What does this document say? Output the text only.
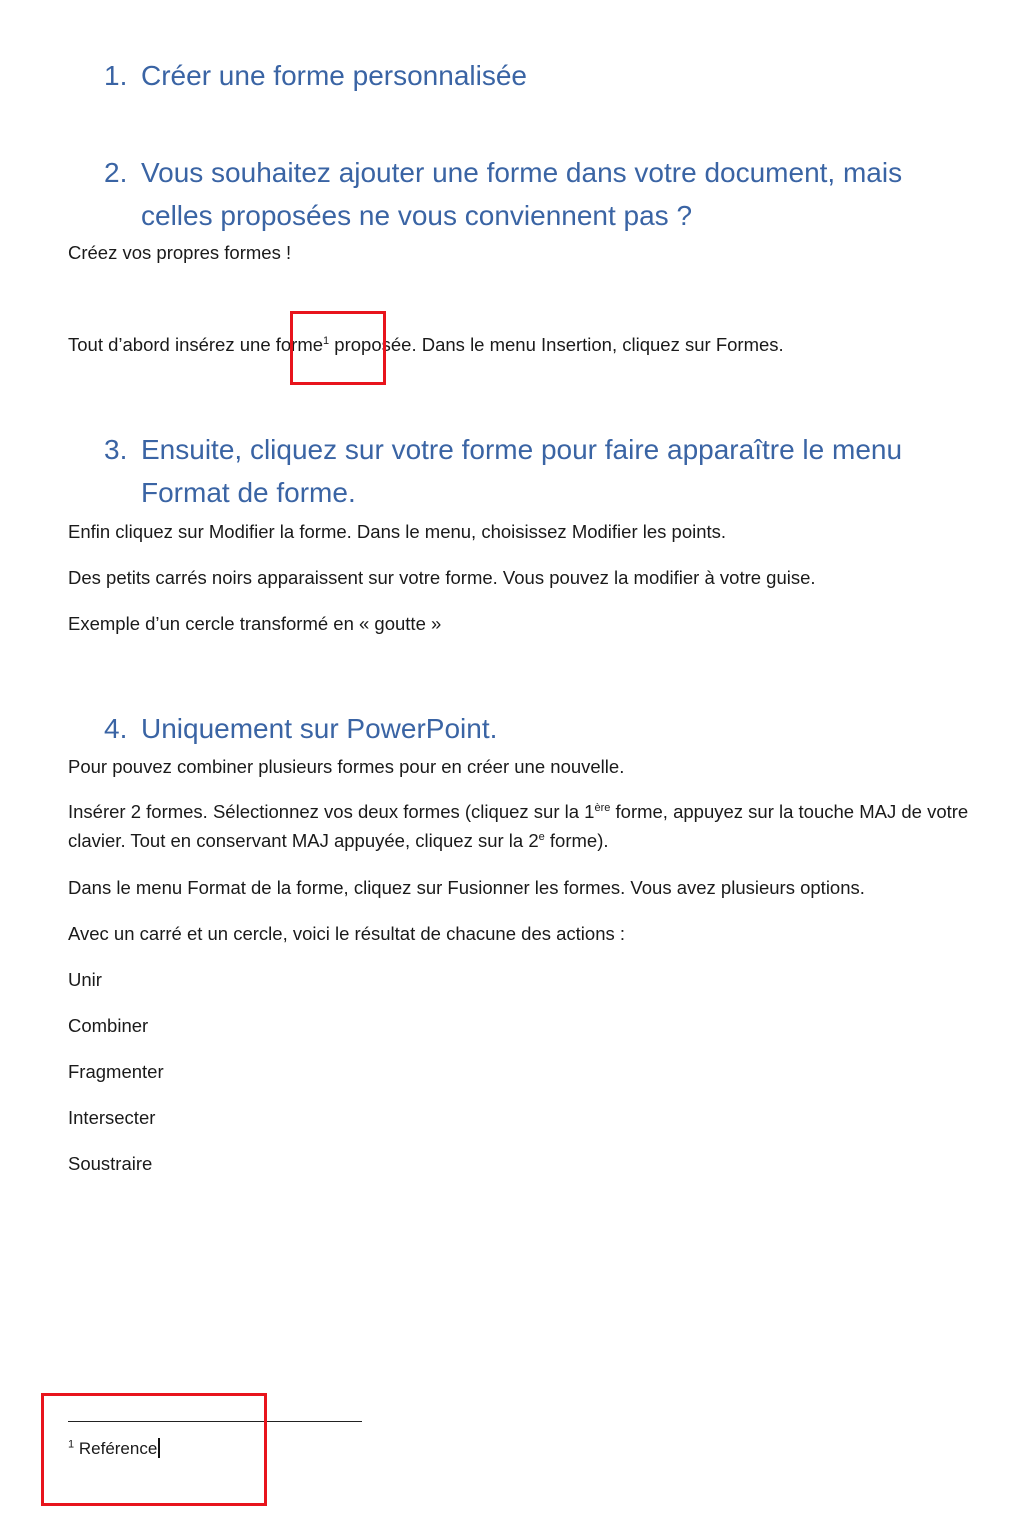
1. Créer une forme personnalisée
2. Vous souhaitez ajouter une forme dans votre document, mais celles proposées ne vous conviennent pas ?
Créez vos propres formes !
Tout d’abord insérez une forme$^1$ proposée. Dans le menu Insertion, cliquez sur Formes.
3. Ensuite, cliquez sur votre forme pour faire apparaître le menu Format de forme.
Enfin cliquez sur Modifier la forme. Dans le menu, choisissez Modifier les points.
Des petits carrés noirs apparaissent sur votre forme. Vous pouvez la modifier à votre guise.
Exemple d’un cercle transformé en « goutte »
4. Uniquement sur PowerPoint.
Pour pouvez combiner plusieurs formes pour en créer une nouvelle.
Insérer 2 formes. Sélectionnez vos deux formes (cliquez sur la 1ère forme, appuyez sur la touche MAJ de votre clavier. Tout en conservant MAJ appuyée, cliquez sur la 2e forme).
Dans le menu Format de la forme, cliquez sur Fusionner les formes. Vous avez plusieurs options.
Avec un carré et un cercle, voici le résultat de chacune des actions :
Unir
Combiner
Fragmenter
Intersecter
Soustraire
$^1$ Reférence
